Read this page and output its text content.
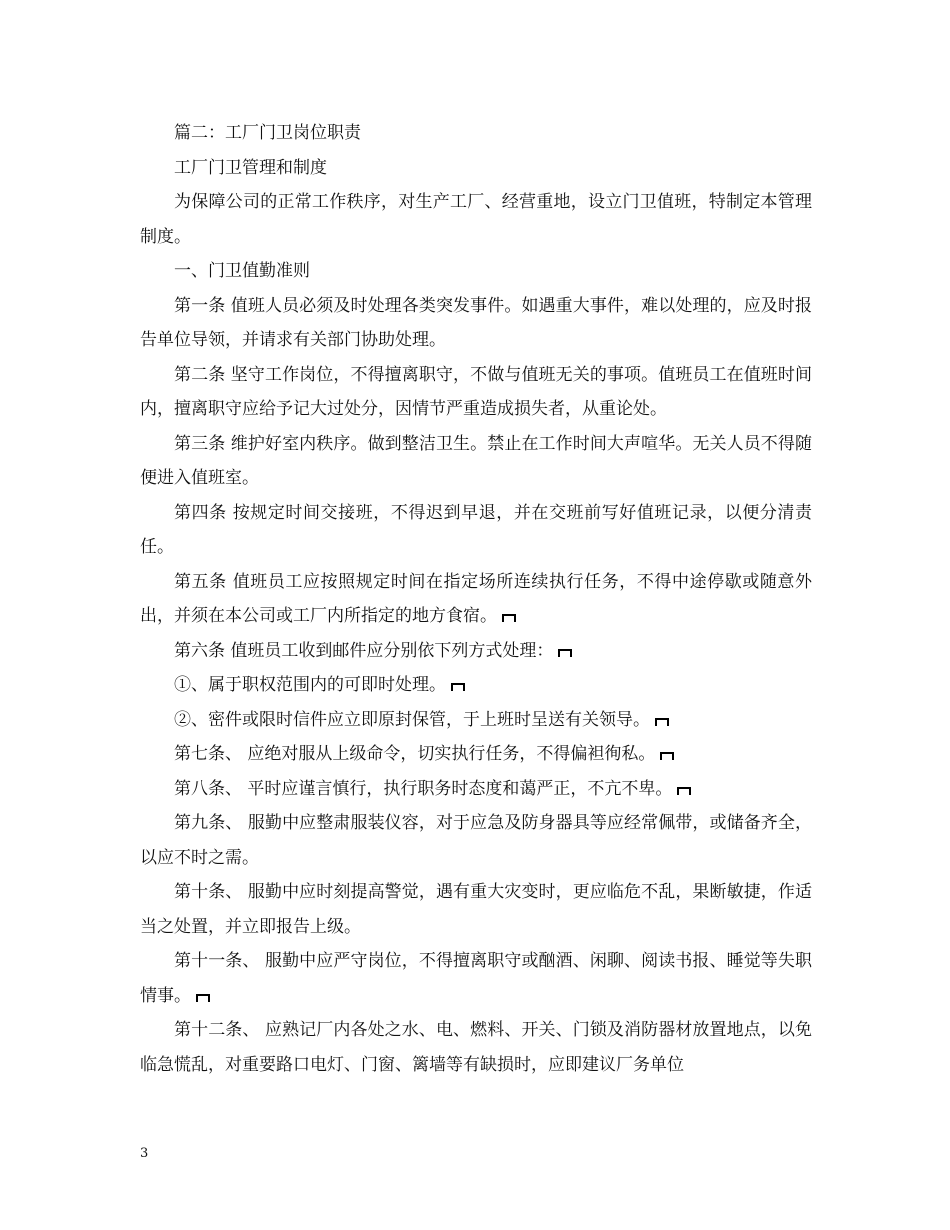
篇二：工厂门卫岗位职责

工厂门卫管理和制度

为保障公司的正常工作秩序，对生产工厂、经营重地，设立门卫值班，特制定本管理制度。

一、门卫值勤准则

第一条 值班人员必须及时处理各类突发事件。如遇重大事件，难以处理的，应及时报告单位导领，并请求有关部门协助处理。

第二条 坚守工作岗位，不得擅离职守，不做与值班无关的事项。值班员工在值班时间内，擅离职守应给予记大过处分，因情节严重造成损失者，从重论处。

第三条 维护好室内秩序。做到整洁卫生。禁止在工作时间大声喧华。无关人员不得随便进入值班室。

第四条 按规定时间交接班，不得迟到早退，并在交班前写好值班记录，以便分清责任。

第五条 值班员工应按照规定时间在指定场所连续执行任务，不得中途停歇或随意外出，并须在本公司或工厂内所指定的地方食宿。

第六条 值班员工收到邮件应分别依下列方式处理：

①、属于职权范围内的可即时处理。

②、密件或限时信件应立即原封保管，于上班时呈送有关领导。

第七条、 应绝对服从上级命令，切实执行任务，不得偏袒徇私。

第八条、 平时应谨言慎行，执行职务时态度和蔼严正，不亢不卑。

第九条、 服勤中应整肃服装仪容，对于应急及防身器具等应经常佩带，或储备齐全，以应不时之需。

第十条、 服勤中应时刻提高警觉，遇有重大灾变时，更应临危不乱，果断敏捷，作适当之处置，并立即报告上级。

第十一条、 服勤中应严守岗位，不得擅离职守或酗酒、闲聊、阅读书报、睡觉等失职情事。

第十二条、 应熟记厂内各处之水、电、燃料、开关、门锁及消防器材放置地点，以免临急慌乱，对重要路口电灯、门窗、篱墙等有缺损时，应即建议厂务单位

3
